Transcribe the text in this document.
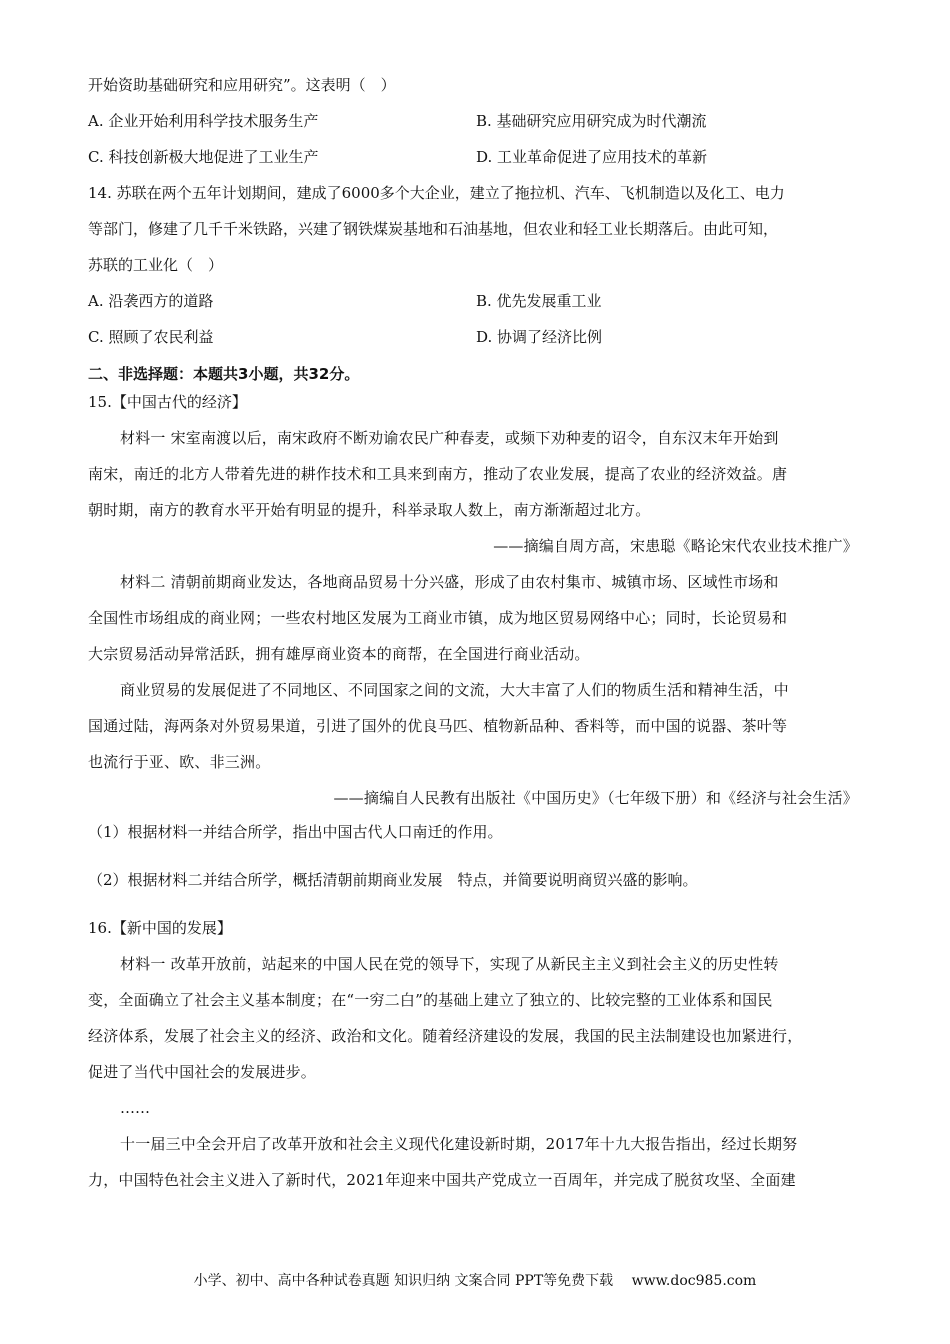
开始资助基础研究和应用研究”。这表明（　）
A. 企业开始利用科学技术服务生产	B. 基础研究应用研究成为时代潮流
C. 科技创新极大地促进了工业生产	D. 工业革命促进了应用技术的革新
14. 苏联在两个五年计划期间，建成了6000多个大企业，建立了拖拉机、汽车、飞机制造以及化工、电力
等部门，修建了几千千米铁路，兴建了钢铁煤炭基地和石油基地，但农业和轻工业长期落后。由此可知，
苏联的工业化（　）
A. 沿袭西方的道路	B. 优先发展重工业
C. 照顾了农民利益	D. 协调了经济比例
二、非选择题：本题共3小题，共32分。
15.【中国古代的经济】
材料一 宋室南渡以后，南宋政府不断劝谕农民广种春麦，或频下劝种麦的诏令，自东汉末年开始到
南宋，南迁的北方人带着先进的耕作技术和工具来到南方，推动了农业发展，提高了农业的经济效益。唐
朝时期，南方的教育水平开始有明显的提升，科举录取人数上，南方渐渐超过北方。
——摘编自周方高，宋患聪《略论宋代农业技术推广》
材料二 清朝前期商业发达，各地商品贸易十分兴盛，形成了由农村集市、城镇市场、区域性市场和
全国性市场组成的商业网；一些农村地区发展为工商业市镇，成为地区贸易网络中心；同时，长论贸易和
大宗贸易活动异常活跃，拥有雄厚商业资本的商帮，在全国进行商业活动。
商业贸易的发展促进了不同地区、不同国家之间的文流，大大丰富了人们的物质生活和精神生活，中
国通过陆，海两条对外贸易果道，引进了国外的优良马匹、植物新品种、香料等，而中国的说器、茶叶等
也流行于亚、欧、非三洲。
——摘编自人民教有出版社《中国历史》（七年级下册）和《经济与社会生活》
（1）根据材料一并结合所学，指出中国古代人口南迁的作用。
（2）根据材料二并结合所学，概括清朝前期商业发展　特点，并简要说明商贸兴盛的影响。
16.【新中国的发展】
材料一 改革开放前，站起来的中国人民在党的领导下，实现了从新民主主义到社会主义的历史性转
变，全面确立了社会主义基本制度；在“一穷二白”的基础上建立了独立的、比较完整的工业体系和国民
经济体系，发展了社会主义的经济、政治和文化。随着经济建设的发展，我国的民主法制建设也加紧进行，
促进了当代中国社会的发展进步。
……
十一届三中全会开启了改革开放和社会主义现代化建设新时期，2017年十九大报告指出，经过长期努
力，中国特色社会主义进入了新时代，2021年迎来中国共产党成立一百周年，并完成了脱贫攻坚、全面建
小学、初中、高中各种试卷真题 知识归纳 文案合同 PPT等免费下载　 www.doc985.com
